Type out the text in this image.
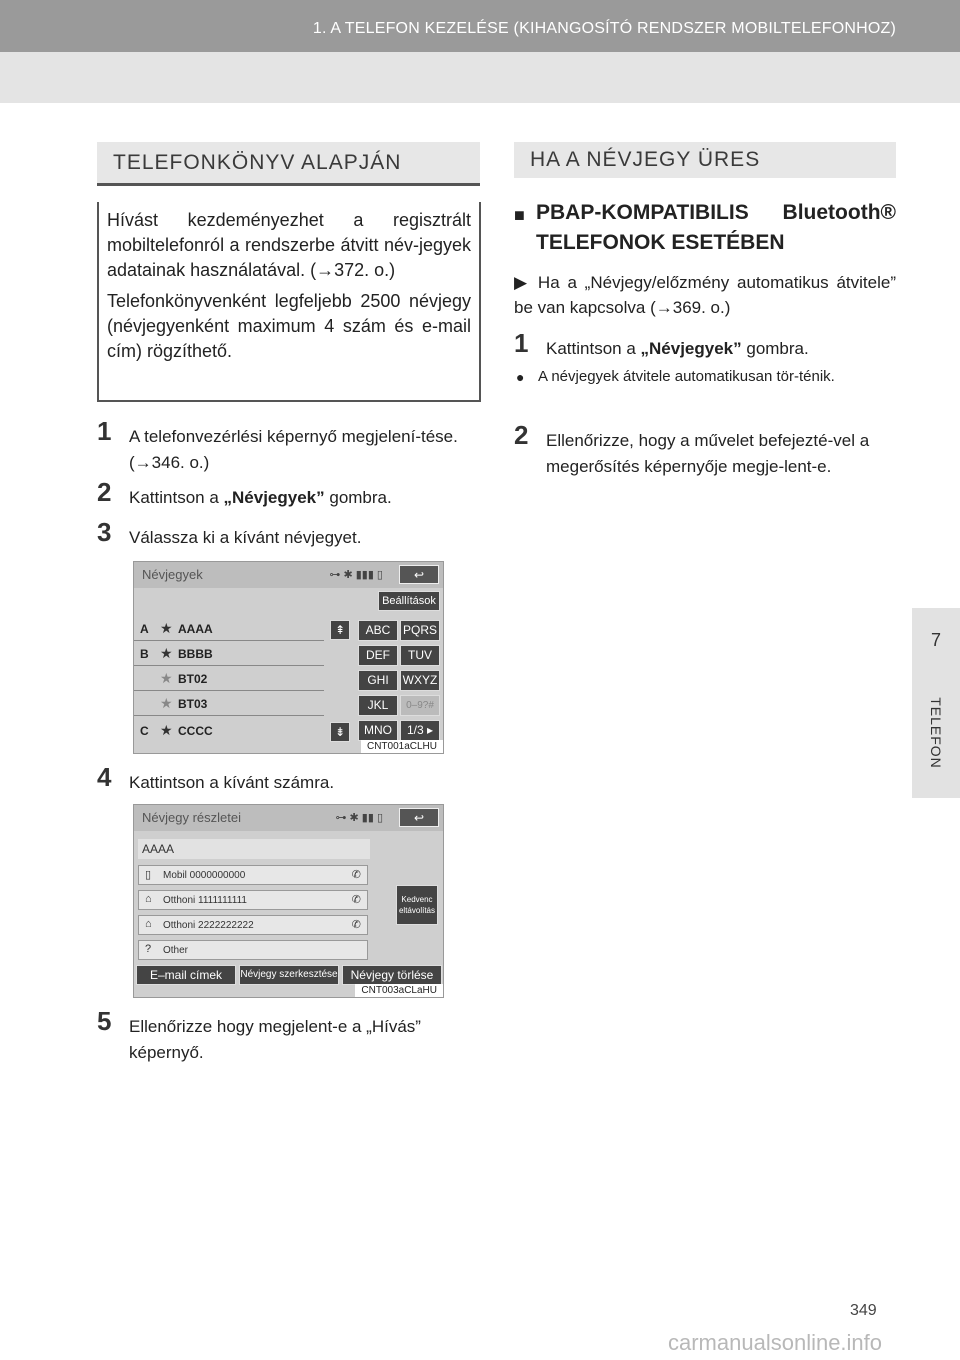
1. A TELEFON KEZELÉSE (KIHANGOSÍTÓ RENDSZER MOBILTELEFONHOZ)
7
TELEFON
TELEFONKÖNYV ALAPJÁN

Hívást kezdeményezhet a regisztrált mobiltelefonról a rendszerbe átvitt név-jegyek adatainak használatával. (→372. o.)

Telefonkönyvenként legfeljebb 2500 névjegy (névjegyenként maximum 4 szám és e-mail cím) rögzíthető.

1	A telefonvezérlési képernyő megjelení-tése. (→346. o.)
2	Kattintson a „Névjegyek” gombra.
3	Válassza ki a kívánt névjegyet.
Névjegyek	⊶ ✱ ▮▮▮ ▯	↩
Beállítások
A ★ AAAA
B ★ BBBB
★ BT02
★ BT03
C ★ CCCC
⇞
⇟
ABC	PQRS
DEF	TUV
GHI	WXYZ
JKL	0–9?#
MNO	1/3 ▸
CNT001aCLHU
4	Kattintson a kívánt számra.
Névjegy részletei	⊶ ✱ ▮▮ ▯	↩
AAAA
▯ Mobil 0000000000	✆
⌂ Otthoni 1111111111	✆
⌂ Otthoni 2222222222	✆
? Other
Kedvenc eltávolítás
E–mail címek	Névjegy szerkesztése	Névjegy törlése
CNT003aCLaHU
5	Ellenőrizze hogy megjelent-e a „Hívás” képernyő.
HA A NÉVJEGY ÜRES
■ PBAP-KOMPATIBILIS Bluetooth®
TELEFONOK ESETÉBEN
▶ Ha a „Névjegy/előzmény automatikus átvitele” be van kapcsolva (→369. o.)
1	Kattintson a „Névjegyek” gombra.
● A névjegyek átvitele automatikusan tör-ténik.
2	Ellenőrizze, hogy a művelet befejezté-vel a megerősítés képernyője megje-lent-e.
349
carmanualsonline.info
